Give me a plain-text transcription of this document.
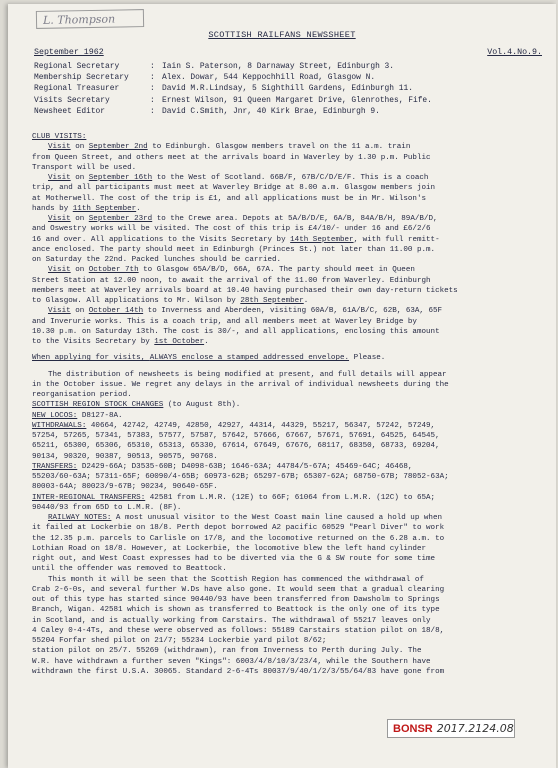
L. Thompson
SCOTTISH RAILFANS NEWSSHEET
September 1962	Vol.4.No.9.
Regional Secretary	: Iain S. Paterson, 8 Darnaway Street, Edinburgh 3.
Membership Secretary	: Alex. Dowar, 544 Keppochhill Road, Glasgow N.
Regional Treasurer	: David M.R.Lindsay, 5 Sighthill Gardens, Edinburgh 11.
Visits Secretary	: Ernest Wilson, 91 Queen Margaret Drive, Glenrothes, Fife.
Newsheet Editor	: David C.Smith, Jnr, 40 Kirk Brae, Edinburgh 9.

CLUB VISITS:

Visit on September 2nd to Edinburgh. Glasgow members travel on the 11 a.m. train

from Queen Street, and others meet at the arrivals board in Waverley by 1.30 p.m. Public

Transport will be used.

Visit on September 16th to the West of Scotland. 66B/F, 67B/C/D/E/F. This is a coach

trip, and all participants must meet at Waverley Bridge at 8.00 a.m. Glasgow members join

at Motherwell. The cost of the trip is £1, and all applications must be in Mr. Wilson's

hands by 11th September.

Visit on September 23rd to the Crewe area. Depots at 5A/B/D/E, 6A/B, 84A/B/H, 89A/B/D,

and Oswestry works will be visited. The cost of this trip is £4/10/- under 16 and £6/2/6

16 and over. All applications to the Visits Secretary by 14th September, with full remitt-

ance enclosed. The party should meet in Edinburgh (Princes St.) not later than 11.00 p.m.

on Saturday the 22nd. Packed lunches should be carried.

Visit on October 7th to Glasgow 65A/B/D, 66A, 67A. The party should meet in Queen

Street Station at 12.00 noon, to await the arrival of the 11.00 from Waverley. Edinburgh

members meet at Waverley arrivals board at 10.40 having purchased their own day-return tickets

to Glasgow. All applications to Mr. Wilson by 28th September.

Visit on October 14th to Inverness and Aberdeen, visiting 60A/B, 61A/B/C, 62B, 63A, 65F

and Inverurie works. This is a coach trip, and all members meet at Waverley Bridge by

10.30 p.m. on Saturday 13th. The cost is 30/-, and all applications, enclosing this amount

to the Visits Secretary by 1st October.

When applying for visits, ALWAYS enclose a stamped addressed envelope. Please.

The distribution of newsheets is being modified at present, and full details will appear

in the October issue. We regret any delays in the arrival of individual newsheets during the

reorganisation period.

SCOTTISH REGION STOCK CHANGES (to August 8th).

NEW LOCOS: D8127-8A.

WITHDRAWALS: 40664, 42742, 42749, 42850, 42927, 44314, 44329, 55217, 56347, 57242, 57249,

57254, 57265, 57341, 57383, 57577, 57587, 57642, 57666, 67667, 57671, 57691, 64525, 64545,

65211, 65300, 65306, 65310, 65313, 65330, 67614, 67649, 67676, 68117, 68350, 68733, 69204,

90134, 90320, 90387, 90513, 90575, 90768.

TRANSFERS: D2429-66A; D3535-60B; D4098-63B; 1646-63A; 44784/5-67A; 45469-64C; 46468,

55203/60-63A; 57311-65F; 60090/4-65B; 60973-62B; 65297-67B; 65307-62A; 68750-67B; 78052-63A;

80003-64A; 80023/9-67B; 90234, 90640-65F.

INTER-REGIONAL TRANSFERS: 42581 from L.M.R. (12E) to 66F; 61064 from L.M.R. (12C) to 65A;

90440/93 from 65D to L.M.R. (8F).

RAILWAY NOTES: A most unusual visitor to the West Coast main line caused a hold up when

it failed at Lockerbie on 18/8. Perth depot borrowed A2 pacific 60529 "Pearl Diver" to work

the 12.35 p.m. parcels to Carlisle on 17/8, and the locomotive returned on the 6.28 a.m. to

Lothian Road on 18/8. However, at Lockerbie, the locomotive blew the left hand cylinder

right out, and West Coast expresses had to be diverted via the G & SW route for some time

until the offender was removed to Beattock.

This month it will be seen that the Scottish Region has commenced the withdrawal of

Crab 2-6-0s, and several further W.Ds have also gone. It would seem that a gradual clearing

out of this type has started since 90440/93 have been transferred from Dawsholm to Springs

Branch, Wigan. 42581 which is shown as transferred to Beattock is the only one of its type

in Scotland, and is actually working from Carstairs. The withdrawal of 55217 leaves only

4 Caley 0-4-4Ts, and these were observed as follows: 55189 Carstairs station pilot on 18/8,

55204 Forfar shed pilot on 21/7; 55234 Lockerbie yard pilot 8/62;

station pilot on 25/7. 55269 (withdrawn), ran from Inverness to Perth during July. The

W.R. have withdrawn a further seven "Kings": 6003/4/8/10/3/23/4, while the Southern have

withdrawn the first U.S.A. 30065. Standard 2-6-4Ts 80037/9/40/1/2/3/55/64/83 have gone from

BONSR 2017.2124.08
